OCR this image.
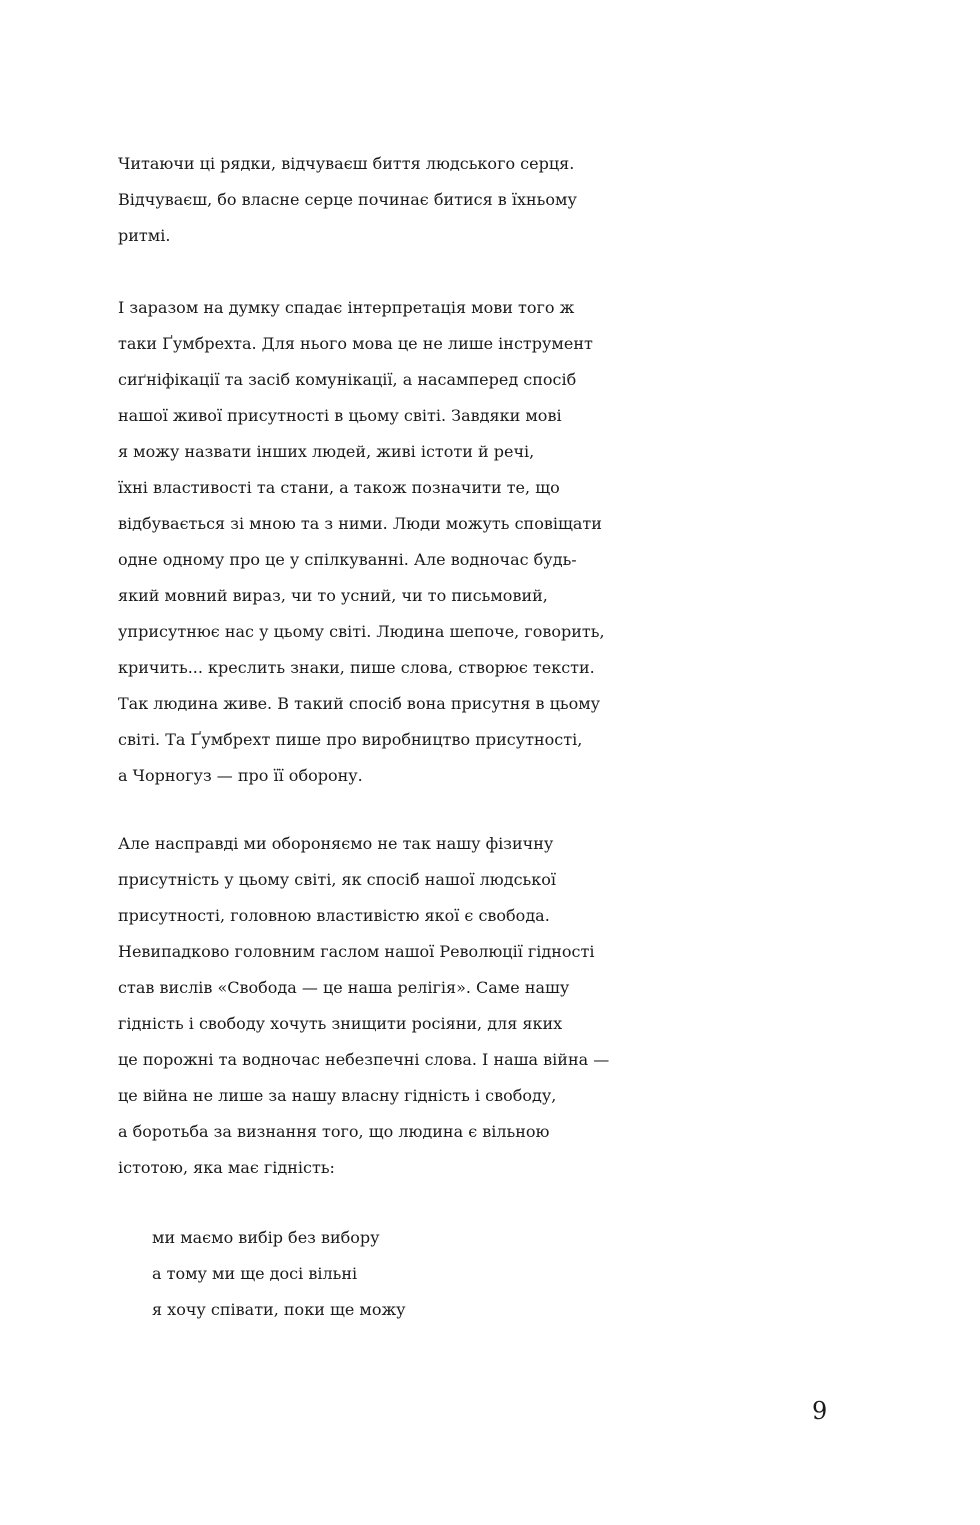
Читаючи ці рядки, відчуваєш биття людського серця.
Відчуваєш, бо власне серце починає битися в їхньому
ритмі.
І заразом на думку спадає інтерпретація мови того ж
таки Ґумбрехта. Для нього мова це не лише інструмент
сиґніфікації та засіб комунікації, а насамперед спосіб
нашої живої присутності в цьому світі. Завдяки мові
я можу назвати інших людей, живі істоти й речі,
їхні властивості та стани, а також позначити те, що
відбувається зі мною та з ними. Люди можуть сповіщати
одне одному про це у спілкуванні. Але водночас будь-
який мовний вираз, чи то усний, чи то письмовий,
уприсутнює нас у цьому світі. Людина шепоче, говорить,
кричить... креслить знаки, пише слова, створює тексти.
Так людина живе. В такий спосіб вона присутня в цьому
світі. Та Ґумбрехт пише про виробництво присутності,
а Чорногуз — про її оборону.
Але насправді ми обороняємо не так нашу фізичну
присутність у цьому світі, як спосіб нашої людської
присутності, головною властивістю якої є свобода.
Невипадково головним гаслом нашої Революції гідності
став вислів «Свобода — це наша релігія». Саме нашу
гідність і свободу хочуть знищити росіяни, для яких
це порожні та водночас небезпечні слова. І наша війна —
це війна не лише за нашу власну гідність і свободу,
а боротьба за визнання того, що людина є вільною
істотою, яка має гідність:
ми маємо вибір без вибору
а тому ми ще досі вільні
я хочу співати, поки ще можу
9
